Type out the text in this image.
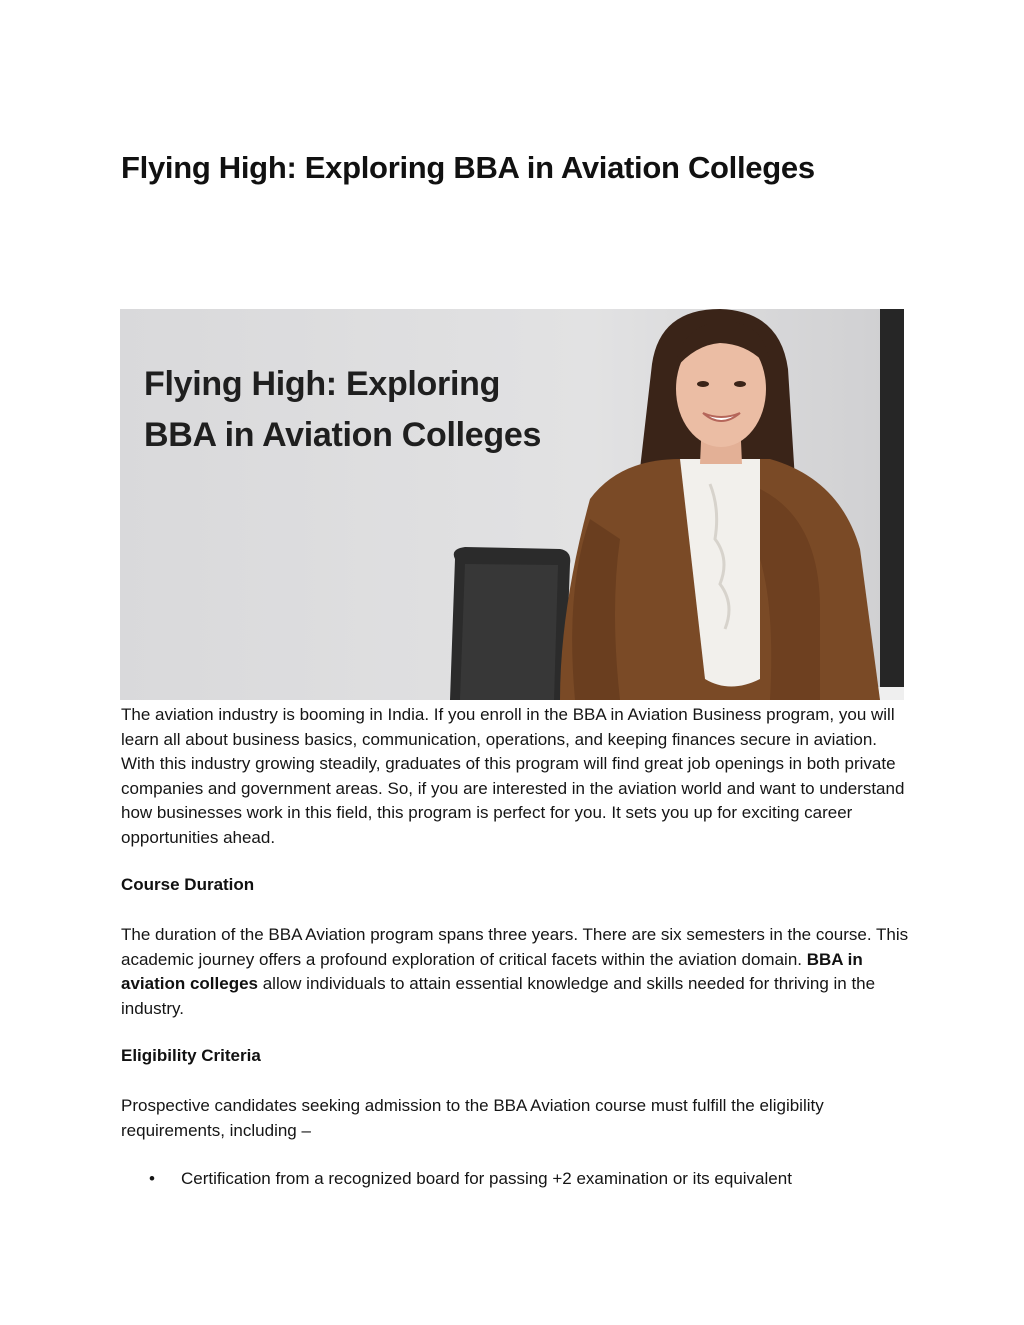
Flying High: Exploring BBA in Aviation Colleges
Flying High: Exploring
BBA in Aviation Colleges

The aviation industry is booming in India. If you enroll in the BBA in Aviation Business program, you will learn all about business basics, communication, operations, and keeping finances secure in aviation. With this industry growing steadily, graduates of this program will find great job openings in both private companies and government areas. So, if you are interested in the aviation world and want to understand how businesses work in this field, this program is perfect for you. It sets you up for exciting career opportunities ahead.

Course Duration

The duration of the BBA Aviation program spans three years. There are six semesters in the course. This academic journey offers a profound exploration of critical facets within the aviation domain. BBA in aviation colleges allow individuals to attain essential knowledge and skills needed for thriving in the industry.

Eligibility Criteria

Prospective candidates seeking admission to the BBA Aviation course must fulfill the eligibility requirements, including –

• Certification from a recognized board for passing +2 examination or its equivalent
